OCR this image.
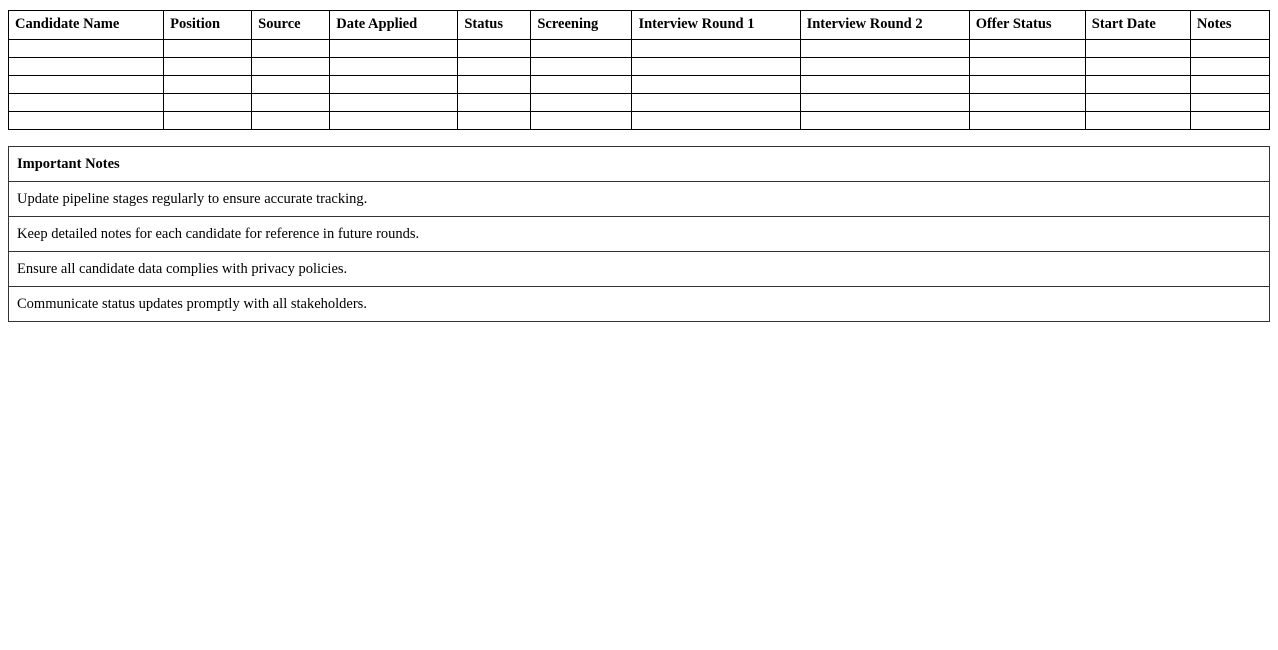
Candidate Name	Position	Source	Date Applied	Status	Screening	Interview Round 1	Interview Round 2	Offer Status	Start Date	Notes

Important Notes
Update pipeline stages regularly to ensure accurate tracking.
Keep detailed notes for each candidate for reference in future rounds.
Ensure all candidate data complies with privacy policies.
Communicate status updates promptly with all stakeholders.
